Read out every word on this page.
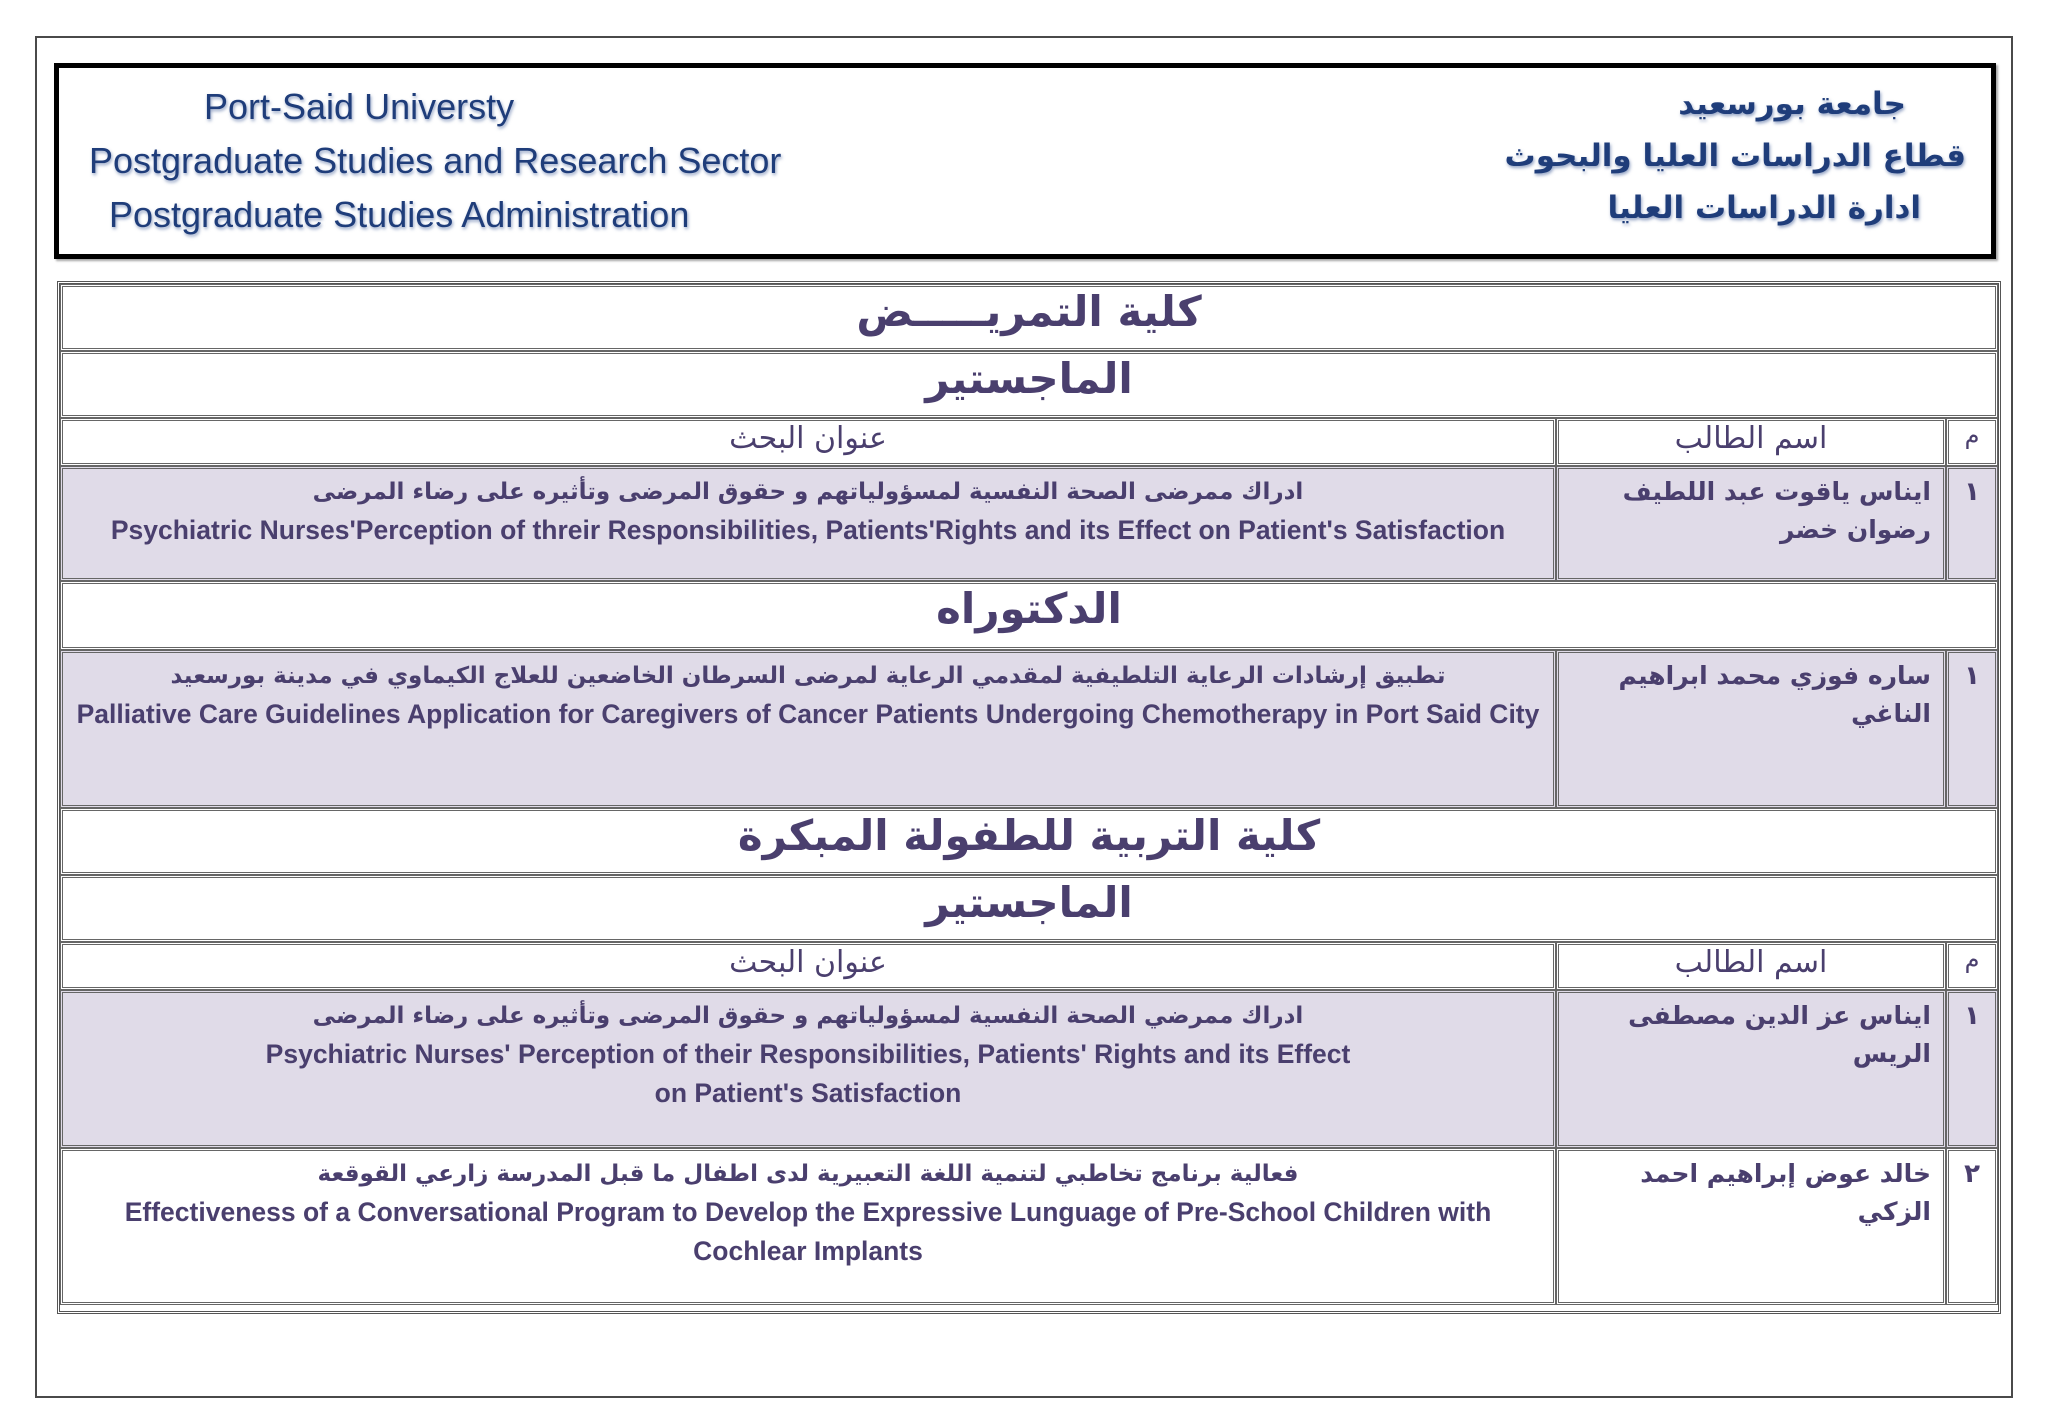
Port-Said Universty
Postgraduate Studies and Research Sector
Postgraduate Studies Administration
جامعة بورسعيد
قطاع الدراسات العليا والبحوث
ادارة الدراسات العليا
كلية التمريـــــض		
الماجستير		
م	اسم الطالب	عنوان البحث
١	ايناس ياقوت عبد اللطيف رضوان خضر	ادراك ممرضى الصحة النفسية لمسؤولياتهم و حقوق المرضى وتأثيره على رضاء المرضى
Psychiatric Nurses'Perception of threir Responsibilities, Patients'Rights and its Effect on Patient's Satisfaction

الدكتوراه		
١	ساره فوزي محمد ابراهيم الناغي	تطبيق إرشادات الرعاية التلطيفية لمقدمي الرعاية لمرضى السرطان الخاضعين للعلاج الكيماوي في مدينة بورسعيد
Palliative Care Guidelines Application for Caregivers of Cancer Patients Undergoing Chemotherapy in Port Said City

كلية التربية للطفولة المبكرة		
الماجستير		
م	اسم الطالب	عنوان البحث
١	ايناس عز الدين مصطفى الريس	ادراك ممرضي الصحة النفسية لمسؤولياتهم و حقوق المرضى وتأثيره على رضاء المرضى
Psychiatric Nurses' Perception of their Responsibilities, Patients' Rights and its Effect
on Patient's Satisfaction

٢	خالد عوض إبراهيم احمد الزكي	فعالية برنامج تخاطبي لتنمية اللغة التعبيرية لدى اطفال ما قبل المدرسة زارعي القوقعة
Effectiveness of a Conversational Program to Develop the Expressive Lunguage of Pre-School Children with Cochlear Implants
